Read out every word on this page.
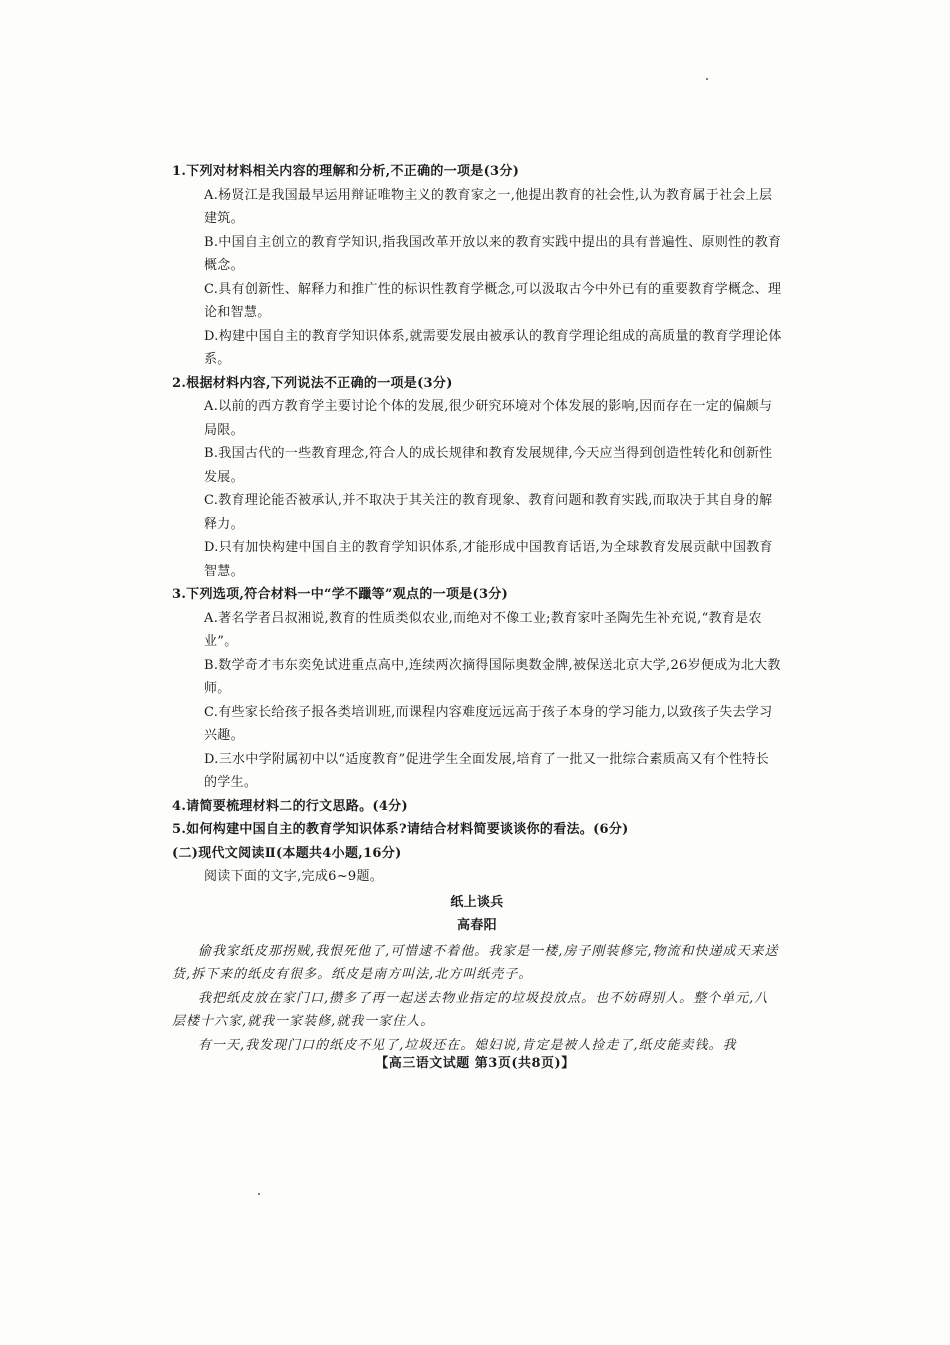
1.下列对材料相关内容的理解和分析,不正确的一项是(3分)

A.杨贤江是我国最早运用辩证唯物主义的教育家之一,他提出教育的社会性,认为教育属于社会上层建筑。

B.中国自主创立的教育学知识,指我国改革开放以来的教育实践中提出的具有普遍性、原则性的教育概念。

C.具有创新性、解释力和推广性的标识性教育学概念,可以汲取古今中外已有的重要教育学概念、理论和智慧。

D.构建中国自主的教育学知识体系,就需要发展由被承认的教育学理论组成的高质量的教育学理论体系。

2.根据材料内容,下列说法不正确的一项是(3分)

A.以前的西方教育学主要讨论个体的发展,很少研究环境对个体发展的影响,因而存在一定的偏颇与局限。

B.我国古代的一些教育理念,符合人的成长规律和教育发展规律,今天应当得到创造性转化和创新性发展。

C.教育理论能否被承认,并不取决于其关注的教育现象、教育问题和教育实践,而取决于其自身的解释力。

D.只有加快构建中国自主的教育学知识体系,才能形成中国教育话语,为全球教育发展贡献中国教育智慧。

3.下列选项,符合材料一中“学不躐等”观点的一项是(3分)

A.著名学者吕叔湘说,教育的性质类似农业,而绝对不像工业;教育家叶圣陶先生补充说,“教育是农业”。

B.数学奇才韦东奕免试进重点高中,连续两次摘得国际奥数金牌,被保送北京大学,26岁便成为北大教师。

C.有些家长给孩子报各类培训班,而课程内容难度远远高于孩子本身的学习能力,以致孩子失去学习兴趣。

D.三水中学附属初中以“适度教育”促进学生全面发展,培育了一批又一批综合素质高又有个性特长的学生。

4.请简要梳理材料二的行文思路。(4分)

5.如何构建中国自主的教育学知识体系?请结合材料简要谈谈你的看法。(6分)

(二)现代文阅读Ⅱ(本题共4小题,16分)

阅读下面的文字,完成6~9题。

纸上谈兵

高春阳

偷我家纸皮那拐贼,我恨死他了,可惜逮不着他。我家是一楼,房子刚装修完,物流和快递成天来送货,拆下来的纸皮有很多。纸皮是南方叫法,北方叫纸壳子。

我把纸皮放在家门口,攒多了再一起送去物业指定的垃圾投放点。也不妨碍别人。整个单元,八层楼十六家,就我一家装修,就我一家住人。

有一天,我发现门口的纸皮不见了,垃圾还在。媳妇说,肯定是被人捡走了,纸皮能卖钱。我

【高三语文试题 第3页(共8页)】
